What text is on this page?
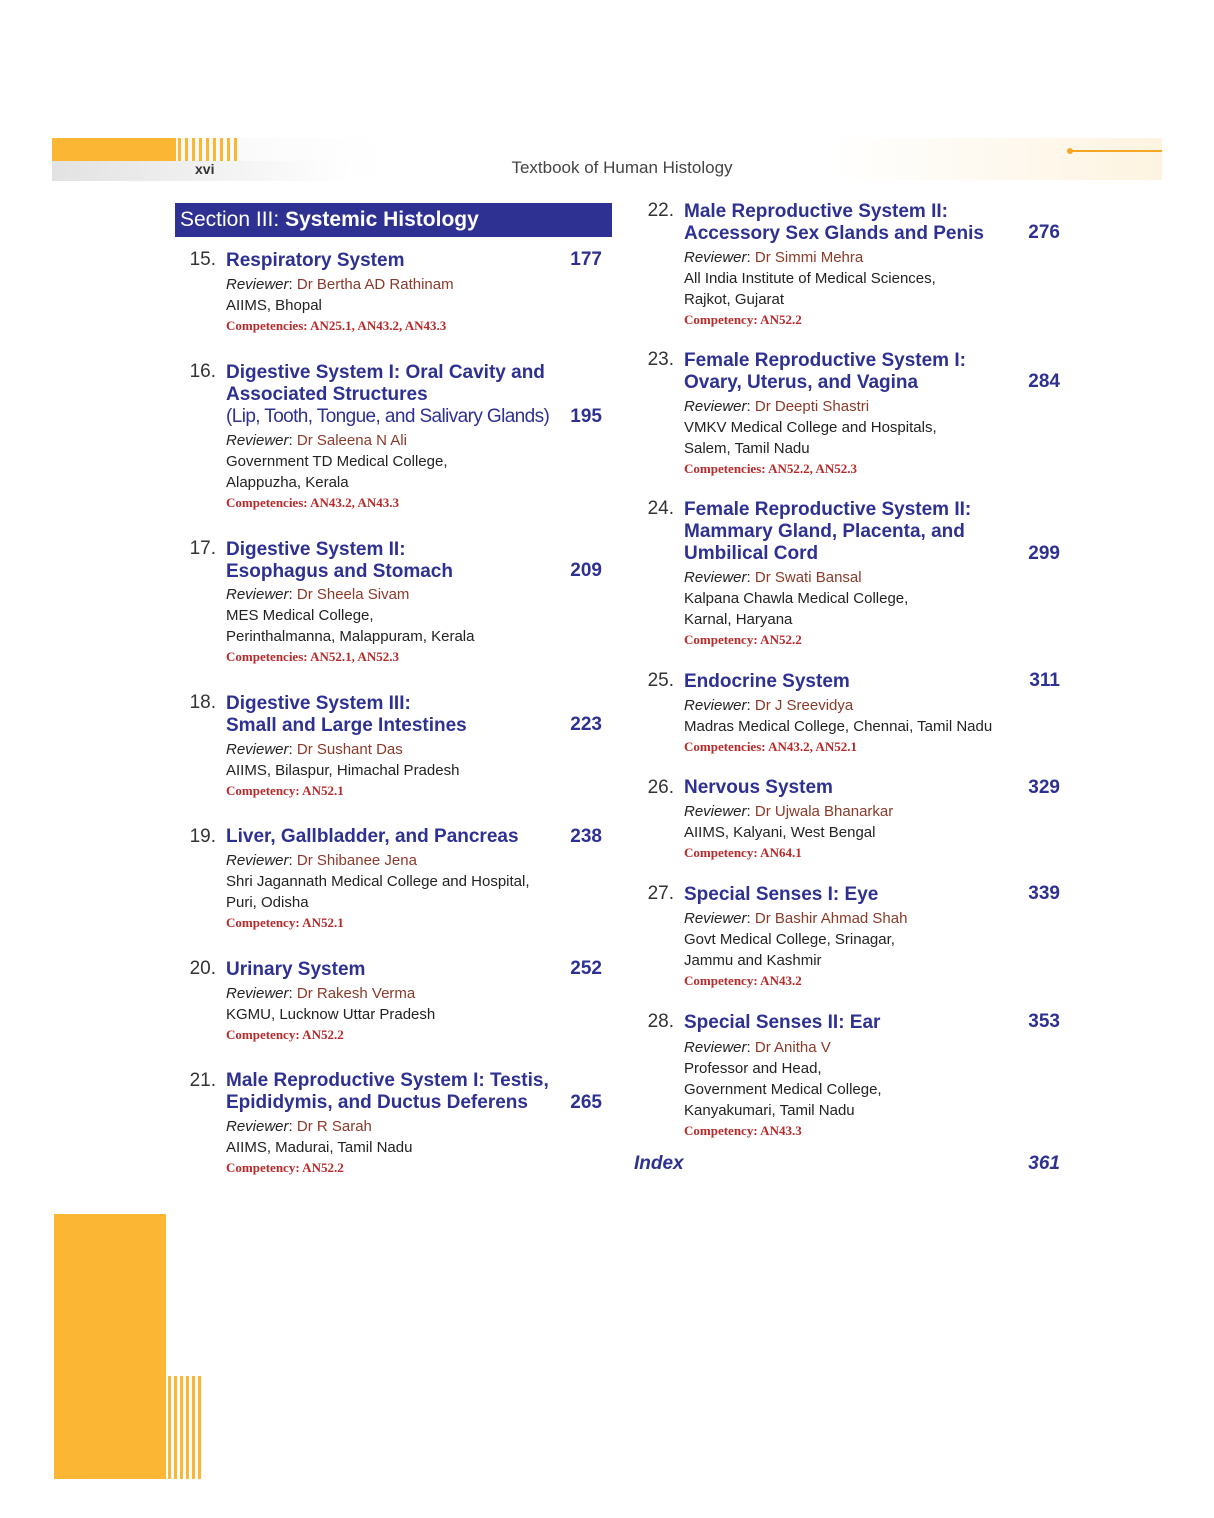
xvi	Textbook of Human Histology
Section III: Systemic Histology
15. Respiratory System	177
Reviewer: Dr Bertha AD Rathinam
AIIMS, Bhopal
Competencies: AN25.1, AN43.2, AN43.3
16. Digestive System I: Oral Cavity and
Associated Structures
(Lip, Tooth, Tongue, and Salivary Glands)	195
Reviewer: Dr Saleena N Ali
Government TD Medical College,
Alappuzha, Kerala
Competencies: AN43.2, AN43.3
17. Digestive System II:
Esophagus and Stomach	209
Reviewer: Dr Sheela Sivam
MES Medical College,
Perinthalmanna, Malappuram, Kerala
Competencies: AN52.1, AN52.3
18. Digestive System III:
Small and Large Intestines	223
Reviewer: Dr Sushant Das
AIIMS, Bilaspur, Himachal Pradesh
Competency: AN52.1
19. Liver, Gallbladder, and Pancreas	238
Reviewer: Dr Shibanee Jena
Shri Jagannath Medical College and Hospital,
Puri, Odisha
Competency: AN52.1
20. Urinary System	252
Reviewer: Dr Rakesh Verma
KGMU, Lucknow Uttar Pradesh
Competency: AN52.2
21. Male Reproductive System I: Testis,
Epididymis, and Ductus Deferens	265
Reviewer: Dr R Sarah
AIIMS, Madurai, Tamil Nadu
Competency: AN52.2
22. Male Reproductive System II:
Accessory Sex Glands and Penis	276
Reviewer: Dr Simmi Mehra
All India Institute of Medical Sciences,
Rajkot, Gujarat
Competency: AN52.2
23. Female Reproductive System I:
Ovary, Uterus, and Vagina	284
Reviewer: Dr Deepti Shastri
VMKV Medical College and Hospitals,
Salem, Tamil Nadu
Competencies: AN52.2, AN52.3
24. Female Reproductive System II:
Mammary Gland, Placenta, and
Umbilical Cord	299
Reviewer: Dr Swati Bansal
Kalpana Chawla Medical College,
Karnal, Haryana
Competency: AN52.2
25. Endocrine System	311
Reviewer: Dr J Sreevidya
Madras Medical College, Chennai, Tamil Nadu
Competencies: AN43.2, AN52.1
26. Nervous System	329
Reviewer: Dr Ujwala Bhanarkar
AIIMS, Kalyani, West Bengal
Competency: AN64.1
27. Special Senses I: Eye	339
Reviewer: Dr Bashir Ahmad Shah
Govt Medical College, Srinagar,
Jammu and Kashmir
Competency: AN43.2
28. Special Senses II: Ear	353
Reviewer: Dr Anitha V
Professor and Head,
Government Medical College,
Kanyakumari, Tamil Nadu
Competency: AN43.3
Index	361
